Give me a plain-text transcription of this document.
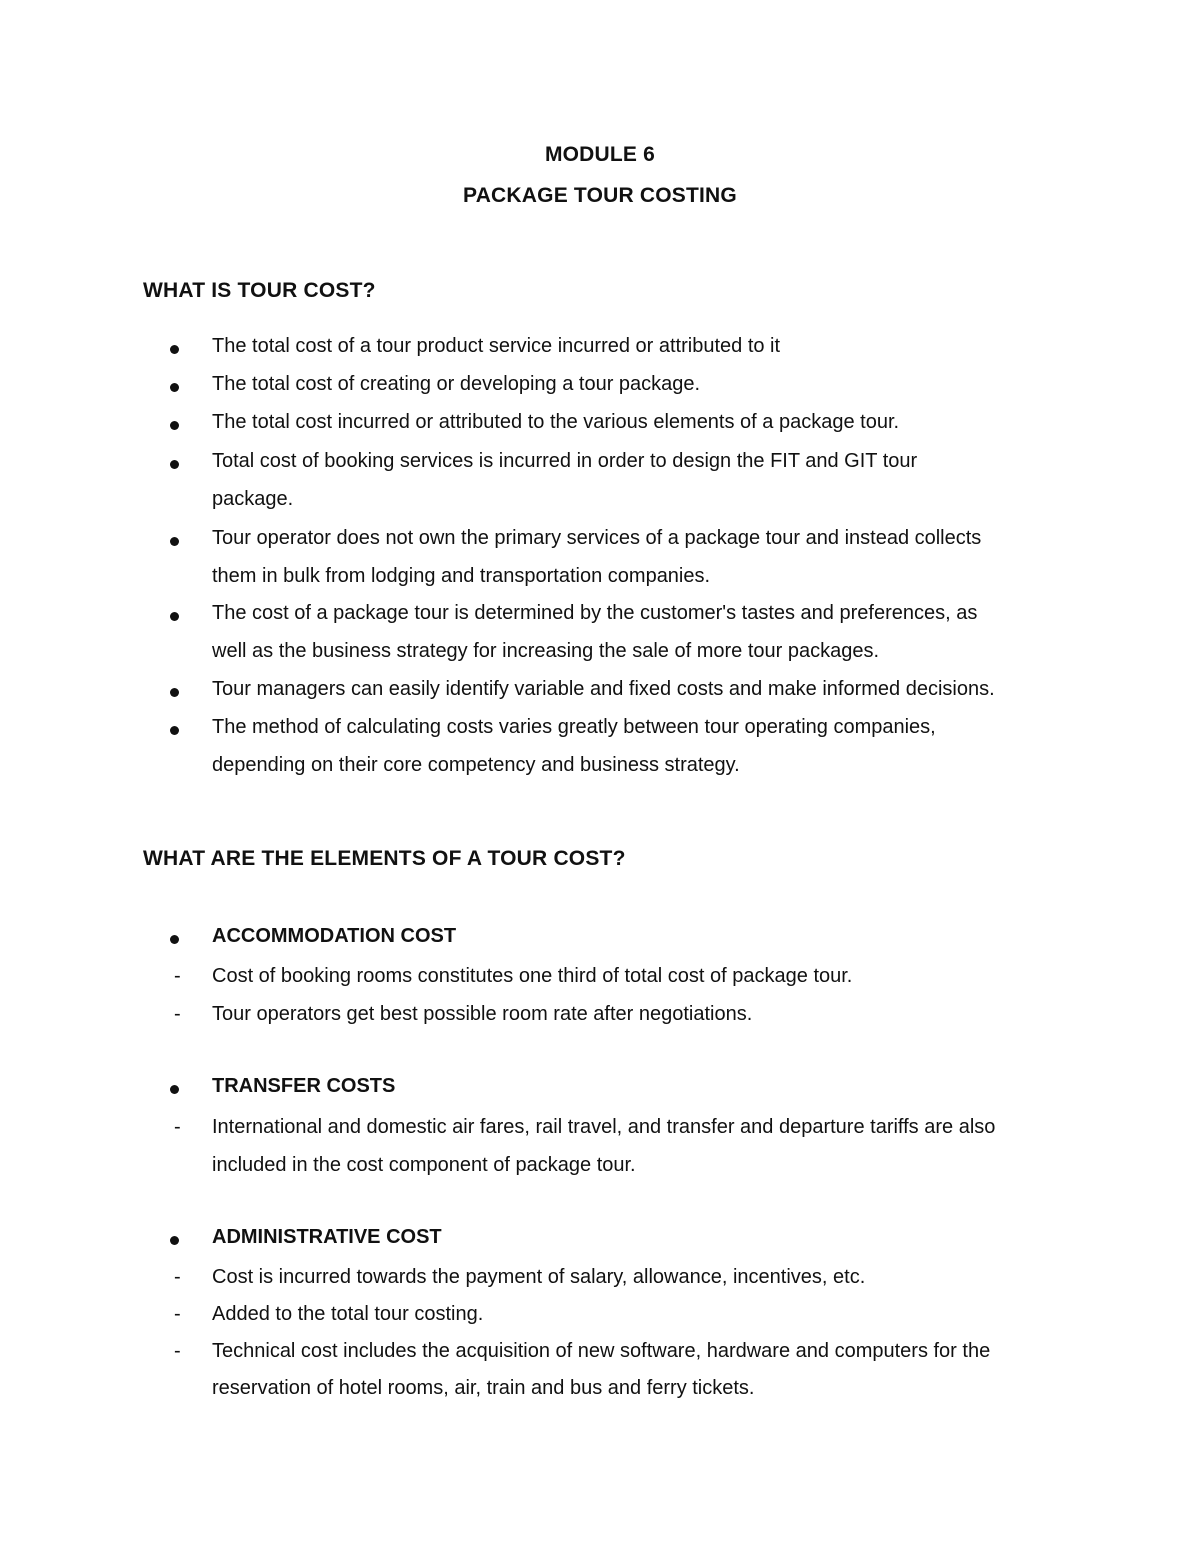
MODULE 6
PACKAGE TOUR COSTING
WHAT IS TOUR COST?
The total cost of a tour product service incurred or attributed to it
The total cost of creating or developing a tour package.
The total cost incurred or attributed to the various elements of a package tour.
Total cost of booking services is incurred in order to design the FIT and GIT tour
package.
Tour operator does not own the primary services of a package tour and instead collects
them in bulk from lodging and transportation companies.
The cost of a package tour is determined by the customer's tastes and preferences, as
well as the business strategy for increasing the sale of more tour packages.
Tour managers can easily identify variable and fixed costs and make informed decisions.
The method of calculating costs varies greatly between tour operating companies,
depending on their core competency and business strategy.
WHAT ARE THE ELEMENTS OF A TOUR COST?
ACCOMMODATION COST
- Cost of booking rooms constitutes one third of total cost of package tour.
- Tour operators get best possible room rate after negotiations.
TRANSFER COSTS
- International and domestic air fares, rail travel, and transfer and departure tariffs are also
included in the cost component of package tour.
ADMINISTRATIVE COST
- Cost is incurred towards the payment of salary, allowance, incentives, etc.
- Added to the total tour costing.
- Technical cost includes the acquisition of new software, hardware and computers for the
reservation of hotel rooms, air, train and bus and ferry tickets.
